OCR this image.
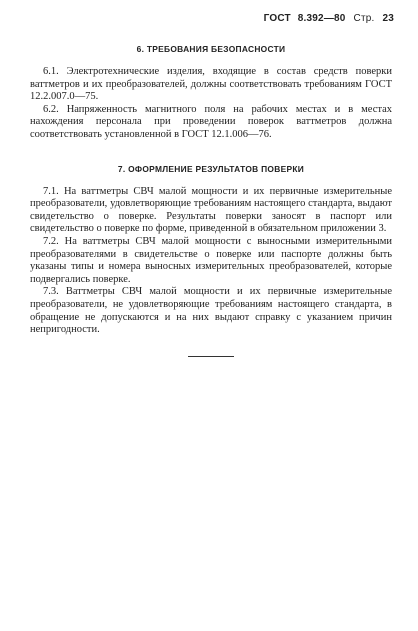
ГОСТ 8.392—80 Стр. 23
6. ТРЕБОВАНИЯ БЕЗОПАСНОСТИ

6.1. Электротехнические изделия, входящие в состав средств поверки ваттметров и их преобразователей, должны соответствовать требованиям ГОСТ 12.2.007.0—75.

6.2. Напряженность магнитного поля на рабочих местах и в местах нахождения персонала при проведении поверок ваттметров должна соответствовать установленной в ГОСТ 12.1.006—76.

7. ОФОРМЛЕНИЕ РЕЗУЛЬТАТОВ ПОВЕРКИ

7.1. На ваттметры СВЧ малой мощности и их первичные измерительные преобразователи, удовлетворяющие требованиям настоящего стандарта, выдают свидетельство о поверке. Результаты поверки заносят в паспорт или свидетельство о поверке по форме, приведенной в обязательном приложении 3.

7.2. На ваттметры СВЧ малой мощности с выносными измерительными преобразователями в свидетельстве о поверке или паспорте должны быть указаны типы и номера выносных измерительных преобразователей, которые подвергались поверке.

7.3. Ваттметры СВЧ малой мощности и их первичные измерительные преобразователи, не удовлетворяющие требованиям настоящего стандарта, в обращение не допускаются и на них выдают справку с указанием причин непригодности.
